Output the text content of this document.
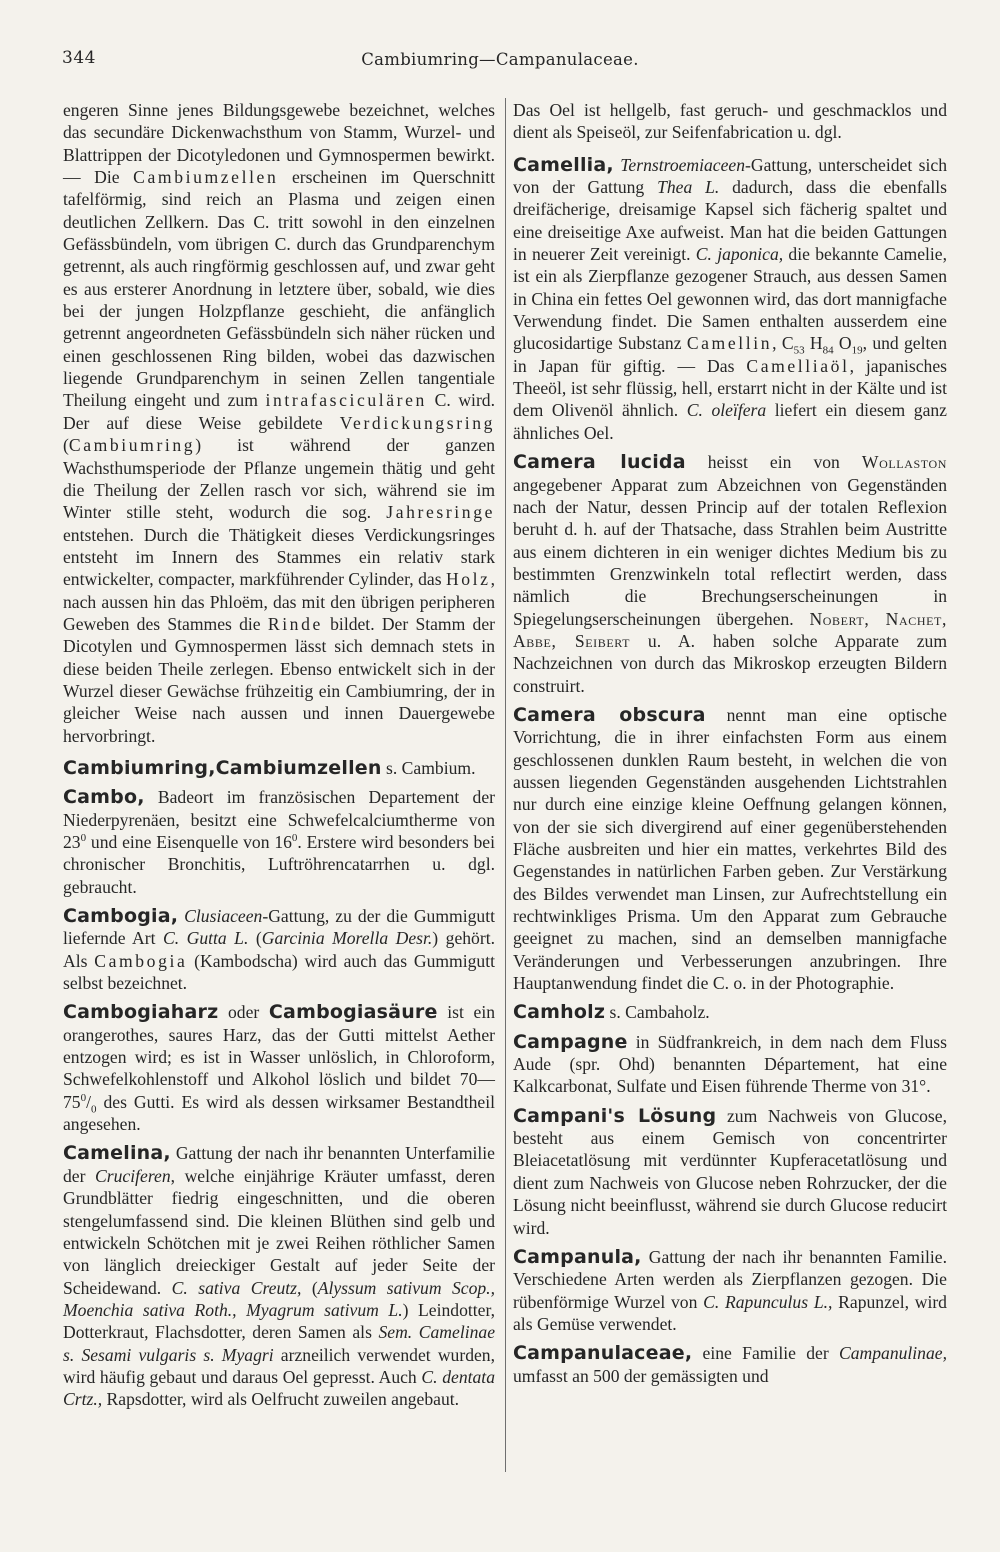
344	Cambiumring—Campanulaceae.

engeren Sinne jenes Bildungsgewebe bezeichnet, welches das secundäre Dickenwachsthum von Stamm, Wurzel- und Blattrippen der Dicotyledonen und Gymnospermen bewirkt. — Die Cambiumzellen erscheinen im Querschnitt tafelförmig, sind reich an Plasma und zeigen einen deutlichen Zellkern. Das C. tritt sowohl in den einzelnen Gefässbündeln, vom übrigen C. durch das Grundparenchym getrennt, als auch ringförmig geschlossen auf, und zwar geht es aus ersterer Anordnung in letztere über, sobald, wie dies bei der jungen Holzpflanze geschieht, die anfänglich getrennt angeordneten Gefässbündeln sich näher rücken und einen geschlossenen Ring bilden, wobei das dazwischen liegende Grundparenchym in seinen Zellen tangentiale Theilung eingeht und zum intrafasciculären C. wird. Der auf diese Weise gebildete Verdickungsring (Cambiumring) ist während der ganzen Wachsthumsperiode der Pflanze ungemein thätig und geht die Theilung der Zellen rasch vor sich, während sie im Winter stille steht, wodurch die sog. Jahresringe entstehen. Durch die Thätigkeit dieses Verdickungsringes entsteht im Innern des Stammes ein relativ stark entwickelter, compacter, markführender Cylinder, das Holz, nach aussen hin das Phloëm, das mit den übrigen peripheren Geweben des Stammes die Rinde bildet. Der Stamm der Dicotylen und Gymnospermen lässt sich demnach stets in diese beiden Theile zerlegen. Ebenso entwickelt sich in der Wurzel dieser Gewächse frühzeitig ein Cambiumring, der in gleicher Weise nach aussen und innen Dauergewebe hervorbringt.

Cambiumring,Cambiumzellen s. Cambium.

Cambo, Badeort im französischen Departement der Niederpyrenäen, besitzt eine Schwefelcalciumtherme von $23^0$ und eine Eisenquelle von $16^0$. Erstere wird besonders bei chronischer Bronchitis, Luftröhrencatarrhen u. dgl. gebraucht.

Cambogia, Clusiaceen-Gattung, zu der die Gummigutt liefernde Art C. Gutta L. (Garcinia Morella Desr.) gehört. Als Cambogia (Kambodscha) wird auch das Gummigutt selbst bezeichnet.

Cambogiaharz oder Cambogiasäure ist ein orangerothes, saures Harz, das der Gutti mittelst Aether entzogen wird; es ist in Wasser unlöslich, in Chloroform, Schwefelkohlenstoff und Alkohol löslich und bildet $70—75^0/_0$ des Gutti. Es wird als dessen wirksamer Bestandtheil angesehen.

Camelina, Gattung der nach ihr benannten Unterfamilie der Cruciferen, welche einjährige Kräuter umfasst, deren Grundblätter fiedrig eingeschnitten, und die oberen stengelumfassend sind. Die kleinen Blüthen sind gelb und entwickeln Schötchen mit je zwei Reihen röthlicher Samen von länglich dreieckiger Gestalt auf jeder Seite der Scheidewand. C. sativa Creutz, (Alyssum sativum Scop., Moenchia sativa Roth., Myagrum sativum L.) Leindotter, Dotterkraut, Flachsdotter, deren Samen als Sem. Camelinae s. Sesami vulgaris s. Myagri arzneilich verwendet wurden, wird häufig gebaut und daraus Oel gepresst. Auch C. dentata Crtz., Rapsdotter, wird als Oelfrucht zuweilen angebaut.

Das Oel ist hellgelb, fast geruch- und geschmacklos und dient als Speiseöl, zur Seifenfabrication u. dgl.

Camellia, Ternstroemiaceen-Gattung, unterscheidet sich von der Gattung Thea L. dadurch, dass die ebenfalls dreifächerige, dreisamige Kapsel sich fächerig spaltet und eine dreiseitige Axe aufweist. Man hat die beiden Gattungen in neuerer Zeit vereinigt. C. japonica, die bekannte Camelie, ist ein als Zierpflanze gezogener Strauch, aus dessen Samen in China ein fettes Oel gewonnen wird, das dort mannigfache Verwendung findet. Die Samen enthalten ausserdem eine glucosidartige Substanz Camellin, $C_{53}$ $H_{84}$ $O_{19}$, und gelten in Japan für giftig. — Das Camelliaöl, japanisches Theeöl, ist sehr flüssig, hell, erstarrt nicht in der Kälte und ist dem Olivenöl ähnlich. C. oleïfera liefert ein diesem ganz ähnliches Oel.

Camera lucida heisst ein von Wollaston angegebener Apparat zum Abzeichnen von Gegenständen nach der Natur, dessen Princip auf der totalen Reflexion beruht d. h. auf der Thatsache, dass Strahlen beim Austritte aus einem dichteren in ein weniger dichtes Medium bis zu bestimmten Grenzwinkeln total reflectirt werden, dass nämlich die Brechungserscheinungen in Spiegelungserscheinungen übergehen. Nobert, Nachet, Abbe, Seibert u. A. haben solche Apparate zum Nachzeichnen von durch das Mikroskop erzeugten Bildern construirt.

Camera obscura nennt man eine optische Vorrichtung, die in ihrer einfachsten Form aus einem geschlossenen dunklen Raum besteht, in welchen die von aussen liegenden Gegenständen ausgehenden Lichtstrahlen nur durch eine einzige kleine Oeffnung gelangen können, von der sie sich divergirend auf einer gegenüberstehenden Fläche ausbreiten und hier ein mattes, verkehrtes Bild des Gegenstandes in natürlichen Farben geben. Zur Verstärkung des Bildes verwendet man Linsen, zur Aufrechtstellung ein rechtwinkliges Prisma. Um den Apparat zum Gebrauche geeignet zu machen, sind an demselben mannigfache Veränderungen und Verbesserungen anzubringen. Ihre Hauptanwendung findet die C. o. in der Photographie.

Camholz s. Cambaholz.

Campagne in Südfrankreich, in dem nach dem Fluss Aude (spr. Ohd) benannten Département, hat eine Kalkcarbonat, Sulfate und Eisen führende Therme von 31°.

Campani's Lösung zum Nachweis von Glucose, besteht aus einem Gemisch von concentrirter Bleiacetatlösung mit verdünnter Kupferacetatlösung und dient zum Nachweis von Glucose neben Rohrzucker, der die Lösung nicht beeinflusst, während sie durch Glucose reducirt wird.

Campanula, Gattung der nach ihr benannten Familie. Verschiedene Arten werden als Zierpflanzen gezogen. Die rübenförmige Wurzel von C. Rapunculus L., Rapunzel, wird als Gemüse verwendet.

Campanulaceae, eine Familie der Campanulinae, umfasst an 500 der gemässigten und
